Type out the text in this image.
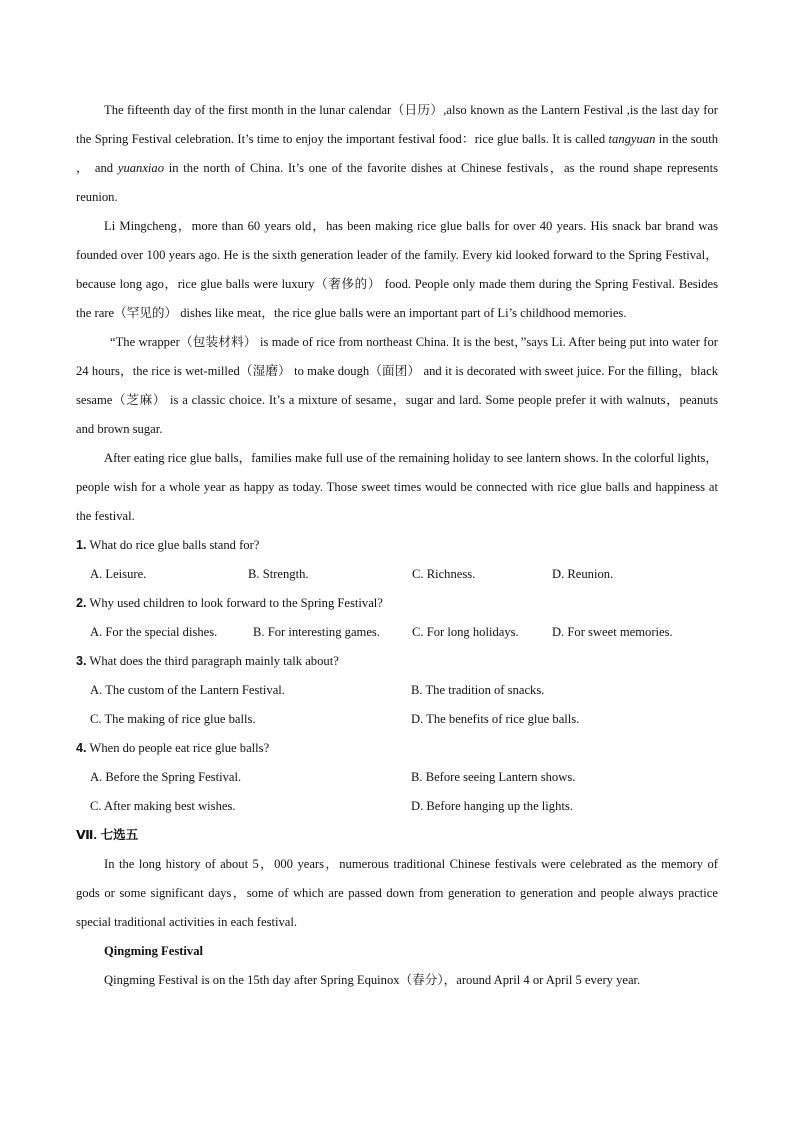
The fifteenth day of the first month in the lunar calendar（日历）,also known as the Lantern Festival ,is the last day for the Spring Festival celebration. It’s time to enjoy the important festival food：rice glue balls. It is called tangyuan in the south ， and yuanxiao in the north of China. It’s one of the favorite dishes at Chinese festivals，as the round shape represents reunion.

Li Mingcheng，more than 60 years old，has been making rice glue balls for over 40 years. His snack bar brand was founded over 100 years ago. He is the sixth generation leader of the family. Every kid looked forward to the Spring Festival，because long ago，rice glue balls were luxury（奢侈的） food. People only made them during the Spring Festival. Besides the rare（罕见的） dishes like meat，the rice glue balls were an important part of Li’s childhood memories.

“The wrapper（包装材料） is made of rice from northeast China. It is the best，”says Li. After being put into water for 24 hours，the rice is wet-milled（湿磨） to make dough（面团） and it is decorated with sweet juice. For the filling，black sesame（芝麻） is a classic choice. It’s a mixture of sesame，sugar and lard. Some people prefer it with walnuts，peanuts and brown sugar.

After eating rice glue balls，families make full use of the remaining holiday to see lantern shows. In the colorful lights，people wish for a whole year as happy as today. Those sweet times would be connected with rice glue balls and happiness at the festival.

1. What do rice glue balls stand for?

A. Leisure.	B. Strength.	C. Richness.	D. Reunion.

2. Why used children to look forward to the Spring Festival?

A. For the special dishes.	B. For interesting games.	C. For long holidays.	D. For sweet memories.

3. What does the third paragraph mainly talk about?

A. The custom of the Lantern Festival.	B. The tradition of snacks.
C. The making of rice glue balls.	D. The benefits of rice glue balls.

4. When do people eat rice glue balls?

A. Before the Spring Festival.	B. Before seeing Lantern shows.
C. After making best wishes.	D. Before hanging up the lights.

Ⅶ. 七选五

In the long history of about 5，000 years，numerous traditional Chinese festivals were celebrated as the memory of gods or some significant days，some of which are passed down from generation to generation and people always practice special traditional activities in each festival.

Qingming Festival

Qingming Festival is on the 15th day after Spring Equinox（春分），around April 4 or April 5 every year.
